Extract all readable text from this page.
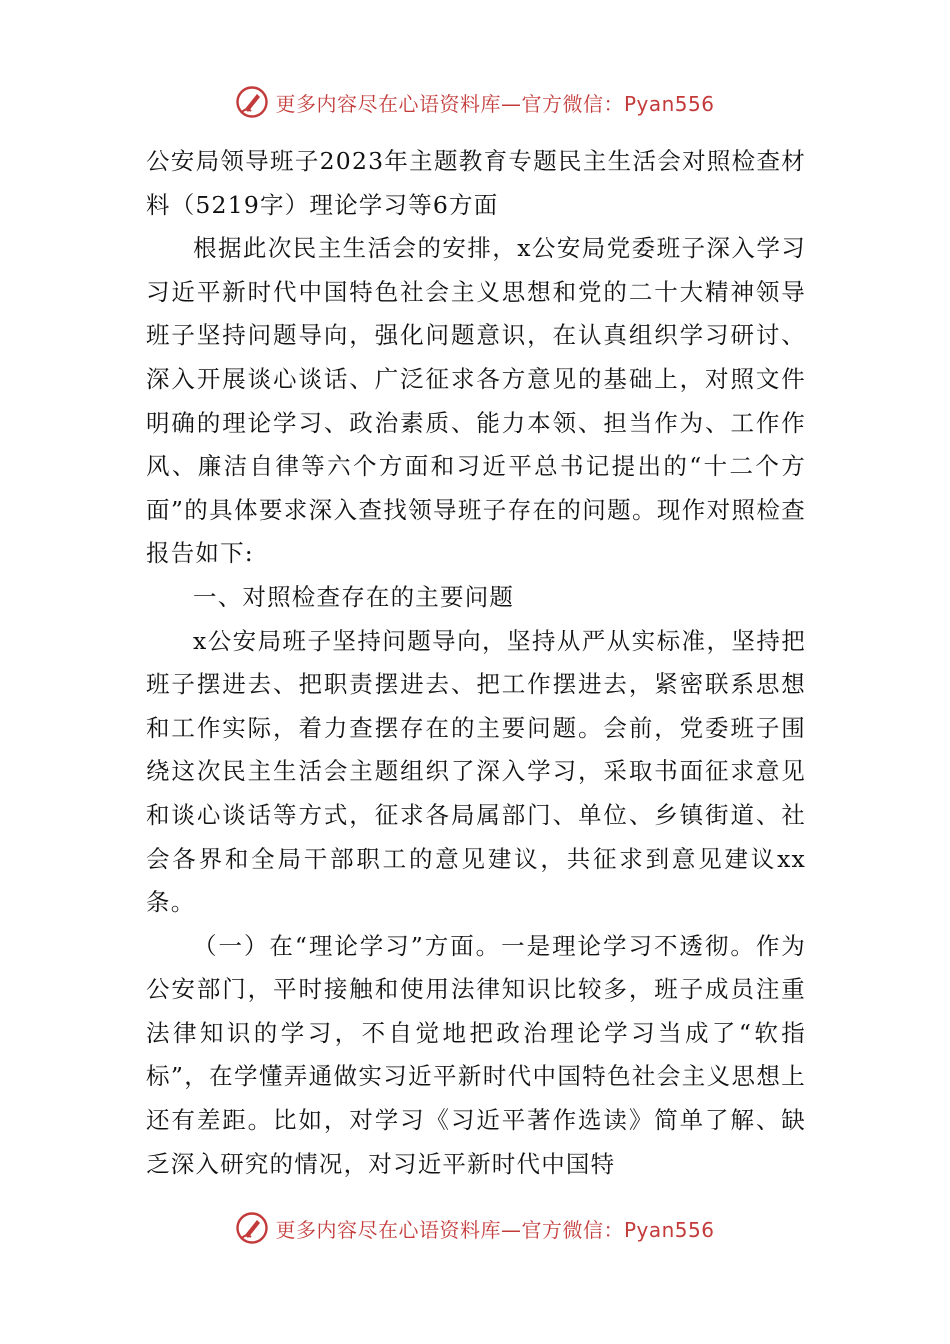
更多内容尽在心语资料库—官方微信：Pyan556

公安局领导班子2023年主题教育专题民主生活会对照检查材料（5219字）理论学习等6方面

根据此次民主生活会的安排，x公安局党委班子深入学习习近平新时代中国特色社会主义思想和党的二十大精神领导班子坚持问题导向，强化问题意识，在认真组织学习研讨、深入开展谈心谈话、广泛征求各方意见的基础上，对照文件明确的理论学习、政治素质、能力本领、担当作为、工作作风、廉洁自律等六个方面和习近平总书记提出的“十二个方面”的具体要求深入查找领导班子存在的问题。现作对照检查报告如下:

一、对照检查存在的主要问题

x公安局班子坚持问题导向，坚持从严从实标准，坚持把班子摆进去、把职责摆进去、把工作摆进去，紧密联系思想和工作实际，着力查摆存在的主要问题。会前，党委班子围绕这次民主生活会主题组织了深入学习，采取书面征求意见和谈心谈话等方式，征求各局属部门、单位、乡镇街道、社会各界和全局干部职工的意见建议，共征求到意见建议xx条。

（一）在“理论学习”方面。一是理论学习不透彻。作为公安部门，平时接触和使用法律知识比较多，班子成员注重法律知识的学习，不自觉地把政治理论学习当成了“软指标”，在学懂弄通做实习近平新时代中国特色社会主义思想上还有差距。比如，对学习《习近平著作选读》简单了解、缺乏深入研究的情况，对习近平新时代中国特

更多内容尽在心语资料库—官方微信：Pyan556
